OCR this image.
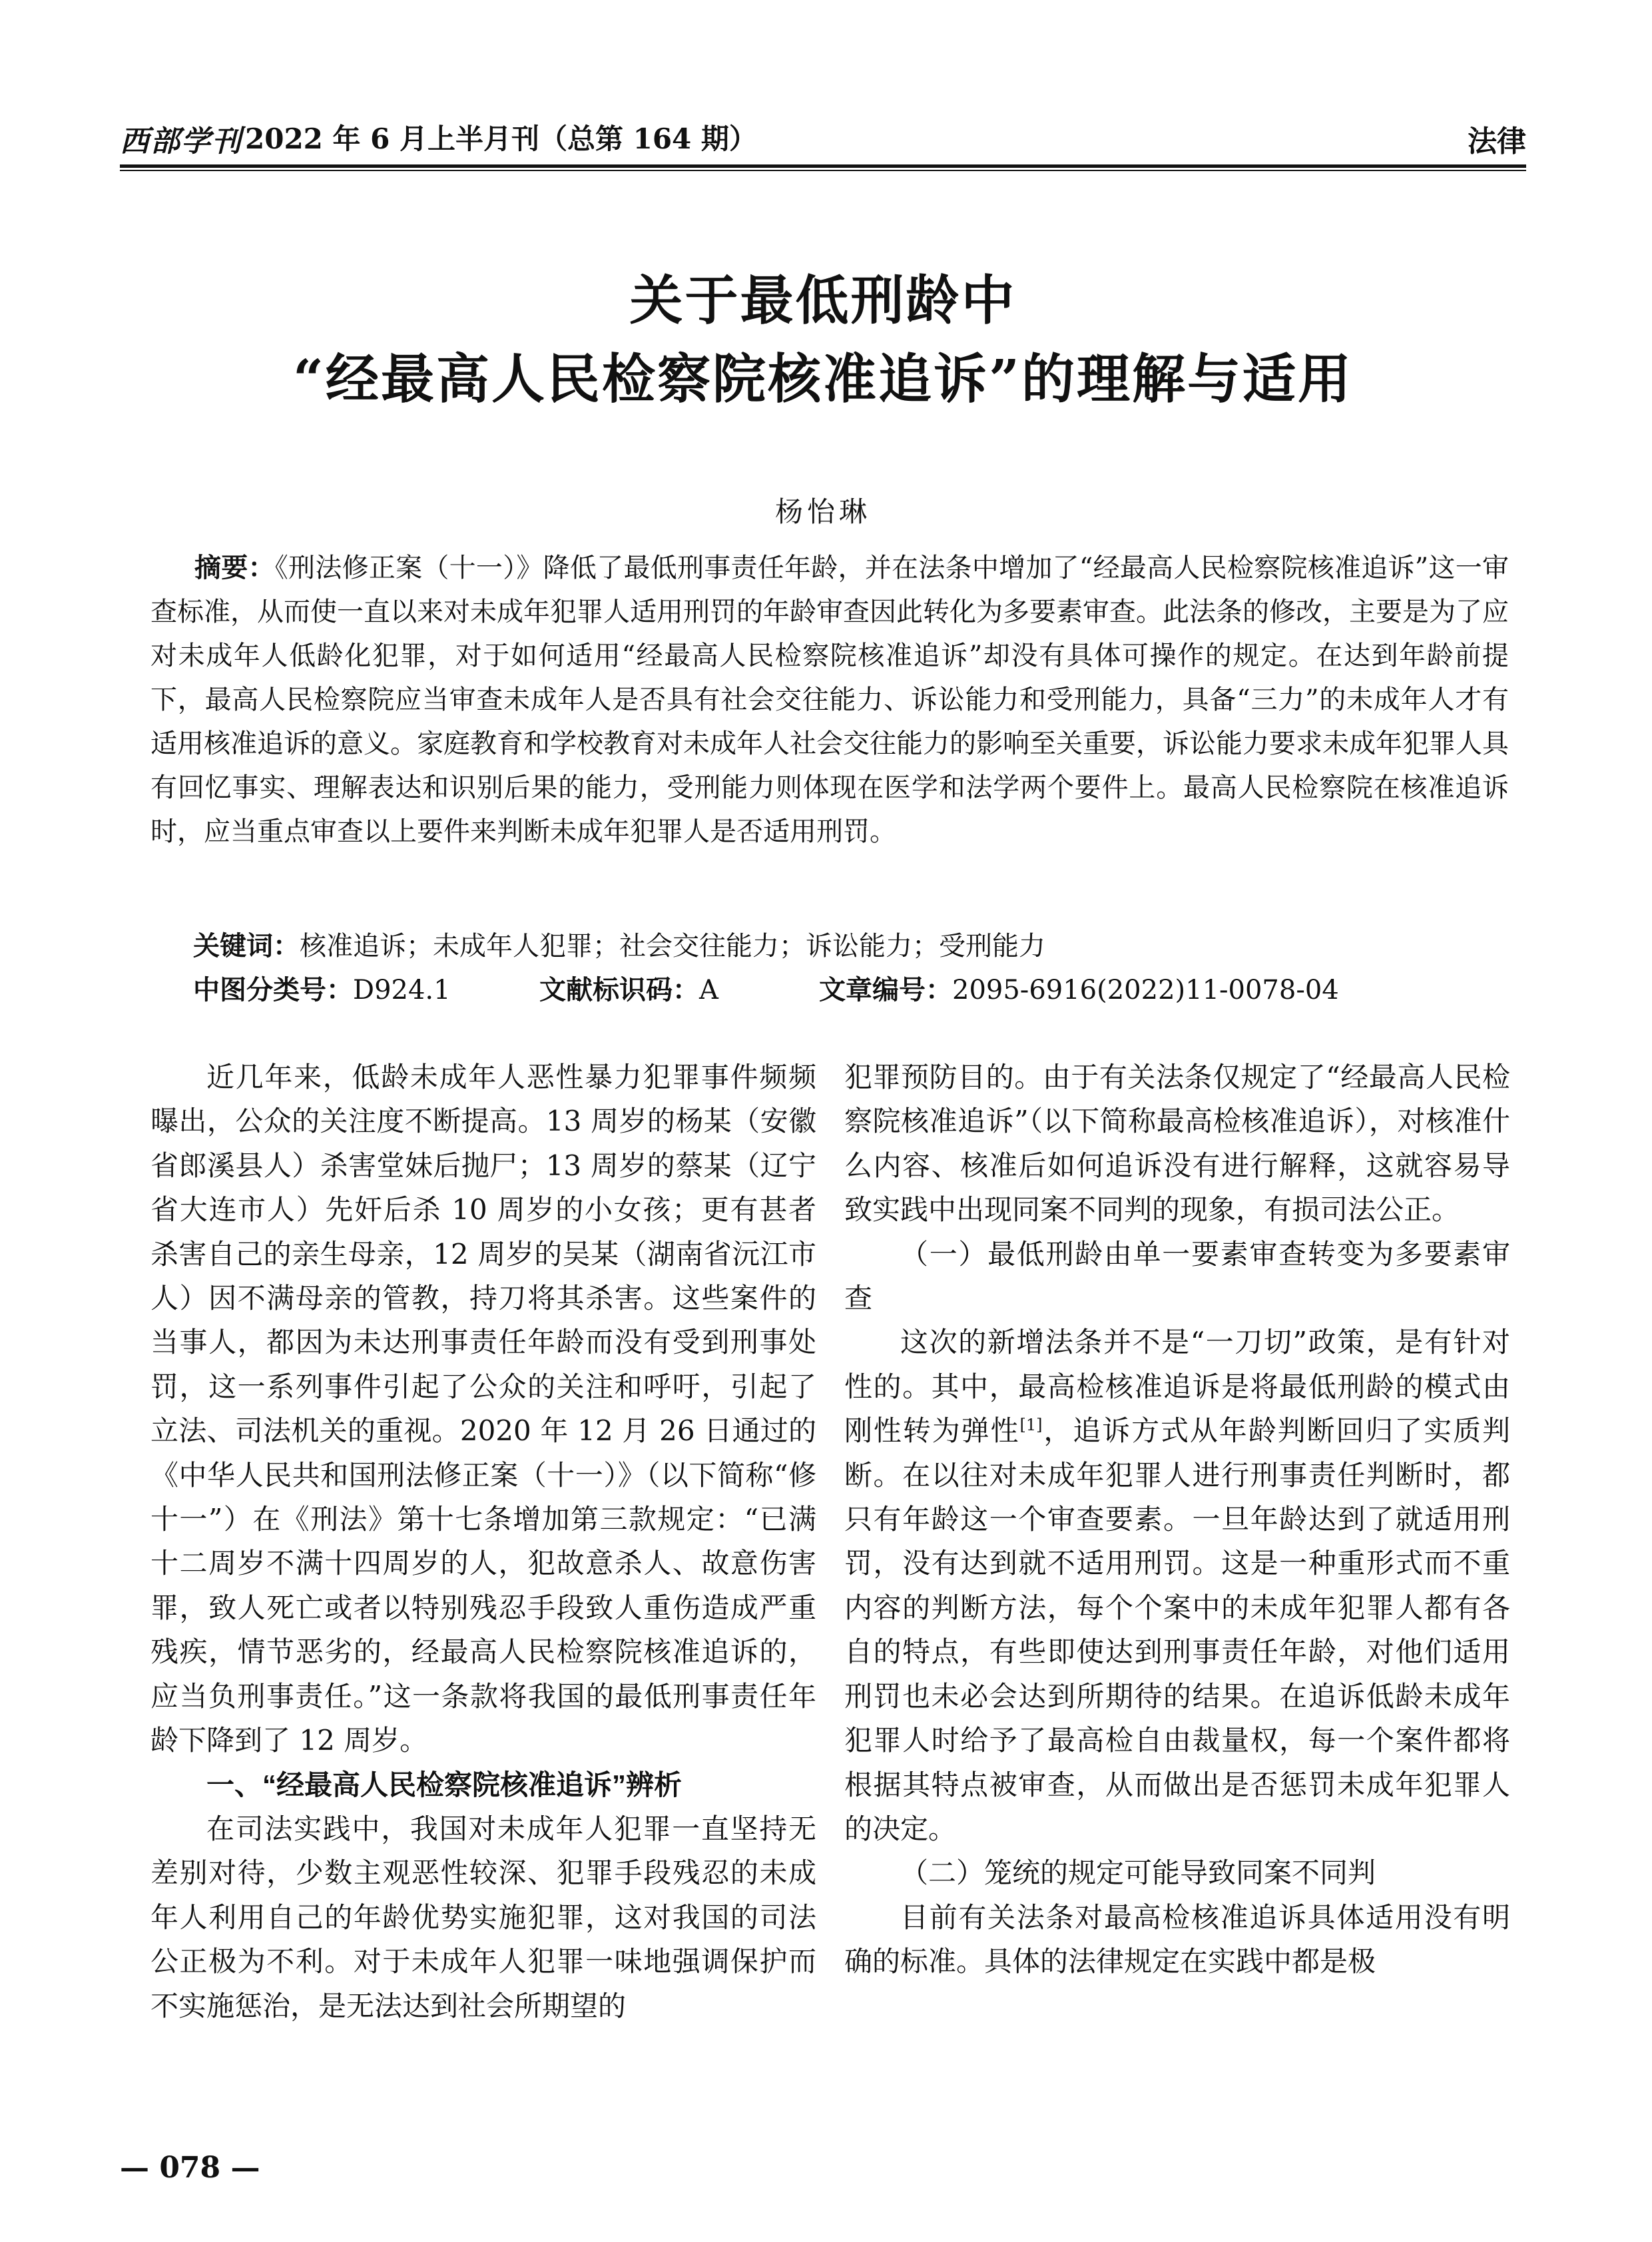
西部学刊 2022 年 6 月上半月刊（总第 164 期）	法律
关于最低刑龄中
“经最高人民检察院核准追诉”的理解与适用
杨怡琳
摘要：《刑法修正案（十一）》降低了最低刑事责任年龄，并在法条中增加了“经最高人民检察院核准追诉”这一审查标准，从而使一直以来对未成年犯罪人适用刑罚的年龄审查因此转化为多要素审查。此法条的修改，主要是为了应对未成年人低龄化犯罪，对于如何适用“经最高人民检察院核准追诉”却没有具体可操作的规定。在达到年龄前提下，最高人民检察院应当审查未成年人是否具有社会交往能力、诉讼能力和受刑能力，具备“三力”的未成年人才有适用核准追诉的意义。家庭教育和学校教育对未成年人社会交往能力的影响至关重要，诉讼能力要求未成年犯罪人具有回忆事实、理解表达和识别后果的能力，受刑能力则体现在医学和法学两个要件上。最高人民检察院在核准追诉时，应当重点审查以上要件来判断未成年犯罪人是否适用刑罚。
关键词：核准追诉；未成年人犯罪；社会交往能力；诉讼能力；受刑能力
中图分类号：D924.1	文献标识码：A	文章编号：2095-6916(2022)11-0078-04

近几年来，低龄未成年人恶性暴力犯罪事件频频曝出，公众的关注度不断提高。13 周岁的杨某（安徽省郎溪县人）杀害堂妹后抛尸；13 周岁的蔡某（辽宁省大连市人）先奸后杀 10 周岁的小女孩；更有甚者杀害自己的亲生母亲，12 周岁的吴某（湖南省沅江市人）因不满母亲的管教，持刀将其杀害。这些案件的当事人，都因为未达刑事责任年龄而没有受到刑事处罚，这一系列事件引起了公众的关注和呼吁，引起了立法、司法机关的重视。2020 年 12 月 26 日通过的《中华人民共和国刑法修正案（十一）》（以下简称“修十一”）在《刑法》第十七条增加第三款规定：“已满十二周岁不满十四周岁的人，犯故意杀人、故意伤害罪，致人死亡或者以特别残忍手段致人重伤造成严重残疾，情节恶劣的，经最高人民检察院核准追诉的，应当负刑事责任。”这一条款将我国的最低刑事责任年龄下降到了 12 周岁。

一、“经最高人民检察院核准追诉”辨析

在司法实践中，我国对未成年人犯罪一直坚持无差别对待，少数主观恶性较深、犯罪手段残忍的未成年人利用自己的年龄优势实施犯罪，这对我国的司法公正极为不利。对于未成年人犯罪一味地强调保护而不实施惩治，是无法达到社会所期望的

犯罪预防目的。由于有关法条仅规定了“经最高人民检察院核准追诉”（以下简称最高检核准追诉），对核准什么内容、核准后如何追诉没有进行解释，这就容易导致实践中出现同案不同判的现象，有损司法公正。

（一）最低刑龄由单一要素审查转变为多要素审查

这次的新增法条并不是“一刀切”政策，是有针对性的。其中，最高检核准追诉是将最低刑龄的模式由刚性转为弹性[1]，追诉方式从年龄判断回归了实质判断。在以往对未成年犯罪人进行刑事责任判断时，都只有年龄这一个审查要素。一旦年龄达到了就适用刑罚，没有达到就不适用刑罚。这是一种重形式而不重内容的判断方法，每个个案中的未成年犯罪人都有各自的特点，有些即使达到刑事责任年龄，对他们适用刑罚也未必会达到所期待的结果。在追诉低龄未成年犯罪人时给予了最高检自由裁量权，每一个案件都将根据其特点被审查，从而做出是否惩罚未成年犯罪人的决定。

（二）笼统的规定可能导致同案不同判

目前有关法条对最高检核准追诉具体适用没有明确的标准。具体的法律规定在实践中都是极

— 078 —
